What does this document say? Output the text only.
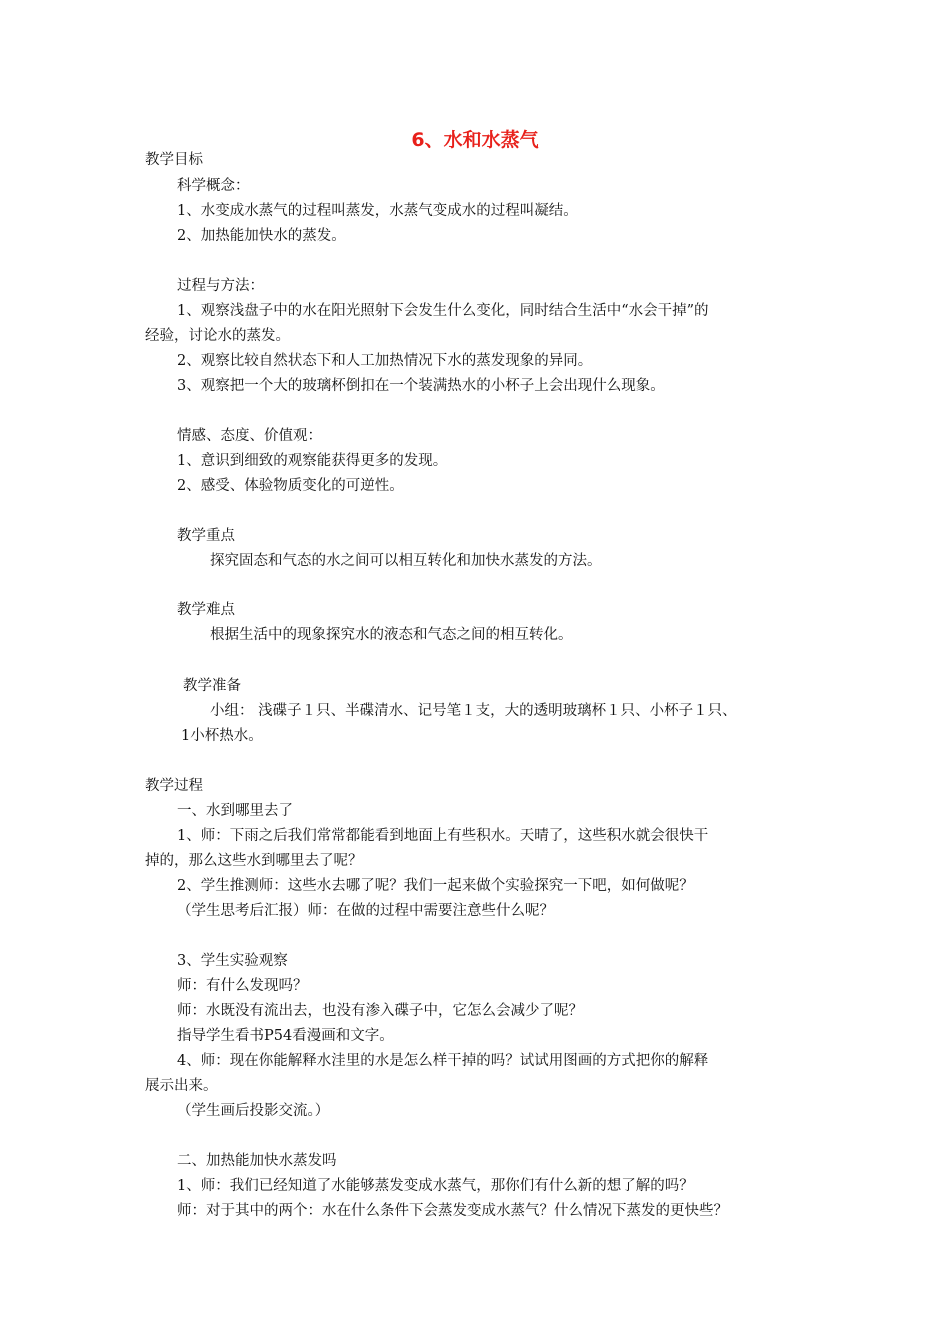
6、水和水蒸气
教学目标
科学概念：
1、水变成水蒸气的过程叫蒸发，水蒸气变成水的过程叫凝结。
2、加热能加快水的蒸发。
过程与方法：
1、观察浅盘子中的水在阳光照射下会发生什么变化，同时结合生活中“水会干掉”的
经验，讨论水的蒸发。
2、观察比较自然状态下和人工加热情况下水的蒸发现象的异同。
3、观察把一个大的玻璃杯倒扣在一个装满热水的小杯子上会出现什么现象。
情感、态度、价值观：
1、意识到细致的观察能获得更多的发现。
2、感受、体验物质变化的可逆性。
教学重点
探究固态和气态的水之间可以相互转化和加快水蒸发的方法。
教学难点
根据生活中的现象探究水的液态和气态之间的相互转化。
教学准备
小组： 浅碟子１只、半碟清水、记号笔１支，大的透明玻璃杯１只、小杯子１只、
1小杯热水。
教学过程
一、水到哪里去了
1、师：下雨之后我们常常都能看到地面上有些积水。天晴了，这些积水就会很快干
掉的，那么这些水到哪里去了呢？
2、学生推测师：这些水去哪了呢？我们一起来做个实验探究一下吧，如何做呢？
（学生思考后汇报）师：在做的过程中需要注意些什么呢？
3、学生实验观察
师：有什么发现吗？
师：水既没有流出去，也没有渗入碟子中，它怎么会减少了呢？
指导学生看书P54看漫画和文字。
4、师：现在你能解释水洼里的水是怎么样干掉的吗？试试用图画的方式把你的解释
展示出来。
（学生画后投影交流。）
二、加热能加快水蒸发吗
1、师：我们已经知道了水能够蒸发变成水蒸气，那你们有什么新的想了解的吗？
师：对于其中的两个：水在什么条件下会蒸发变成水蒸气？什么情况下蒸发的更快些？
